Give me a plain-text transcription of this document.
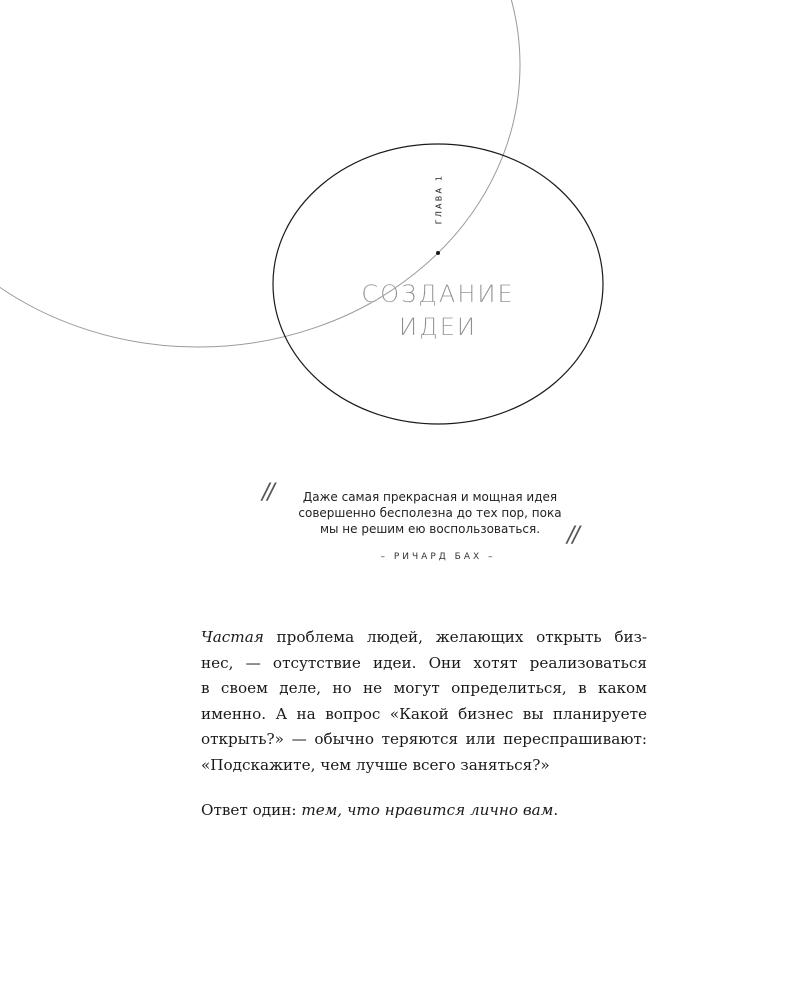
ГЛАВА 1
СОЗДАНИЕ
ИДЕИ
//	Даже самая прекрасная и мощная идея
совершенно бесполезна до тех пор, пока
мы не решим ею воспользоваться.	//
– РИЧАРД БАХ –
Частая проблема людей, желающих открыть биз-
нес, — отсутствие идеи. Они хотят реализоваться
в своем деле, но не могут определиться, в каком
именно. А на вопрос «Какой бизнес вы планируете
открыть?» — обычно теряются или переспрашивают:
«Подскажите, чем лучше всего заняться?»
Ответ один: тем, что нравится лично вам.
